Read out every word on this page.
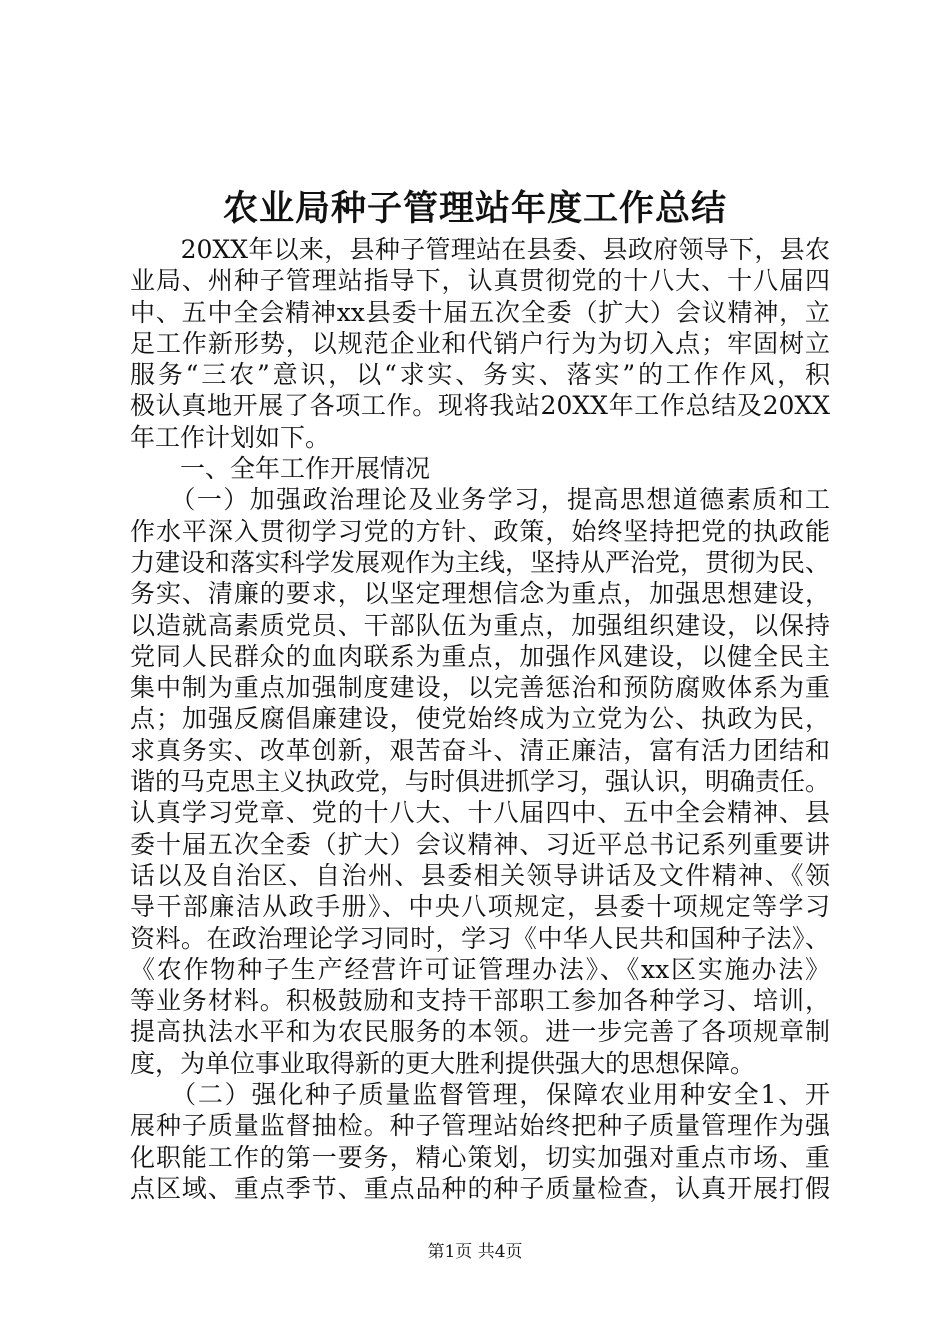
农业局种子管理站年度工作总结
　　20XX年以来，县种子管理站在县委、县政府领导下，县农
业局、州种子管理站指导下，认真贯彻党的十八大、十八届四
中、五中全会精神xx县委十届五次全委（扩大）会议精神，立
足工作新形势，以规范企业和代销户行为为切入点；牢固树立
服务“三农”意识，以“求实、务实、落实”的工作作风，积
极认真地开展了各项工作。现将我站20XX年工作总结及20XX
年工作计划如下。
　　一、全年工作开展情况
　　（一）加强政治理论及业务学习，提高思想道德素质和工
作水平深入贯彻学习党的方针、政策，始终坚持把党的执政能
力建设和落实科学发展观作为主线，坚持从严治党，贯彻为民、
务实、清廉的要求，以坚定理想信念为重点，加强思想建设，
以造就高素质党员、干部队伍为重点，加强组织建设，以保持
党同人民群众的血肉联系为重点，加强作风建设，以健全民主
集中制为重点加强制度建设，以完善惩治和预防腐败体系为重
点；加强反腐倡廉建设，使党始终成为立党为公、执政为民，
求真务实、改革创新，艰苦奋斗、清正廉洁，富有活力团结和
谐的马克思主义执政党，与时俱进抓学习，强认识，明确责任。
认真学习党章、党的十八大、十八届四中、五中全会精神、县
委十届五次全委（扩大）会议精神、习近平总书记系列重要讲
话以及自治区、自治州、县委相关领导讲话及文件精神、《领
导干部廉洁从政手册》、中央八项规定，县委十项规定等学习
资料。在政治理论学习同时，学习《中华人民共和国种子法》、
《农作物种子生产经营许可证管理办法》、《xx区实施办法》
等业务材料。积极鼓励和支持干部职工参加各种学习、培训，
提高执法水平和为农民服务的本领。进一步完善了各项规章制
度，为单位事业取得新的更大胜利提供强大的思想保障。
　　（二）强化种子质量监督管理，保障农业用种安全1、开
展种子质量监督抽检。种子管理站始终把种子质量管理作为强
化职能工作的第一要务，精心策划，切实加强对重点市场、重
点区域、重点季节、重点品种的种子质量检查，认真开展打假
第1页 共4页
